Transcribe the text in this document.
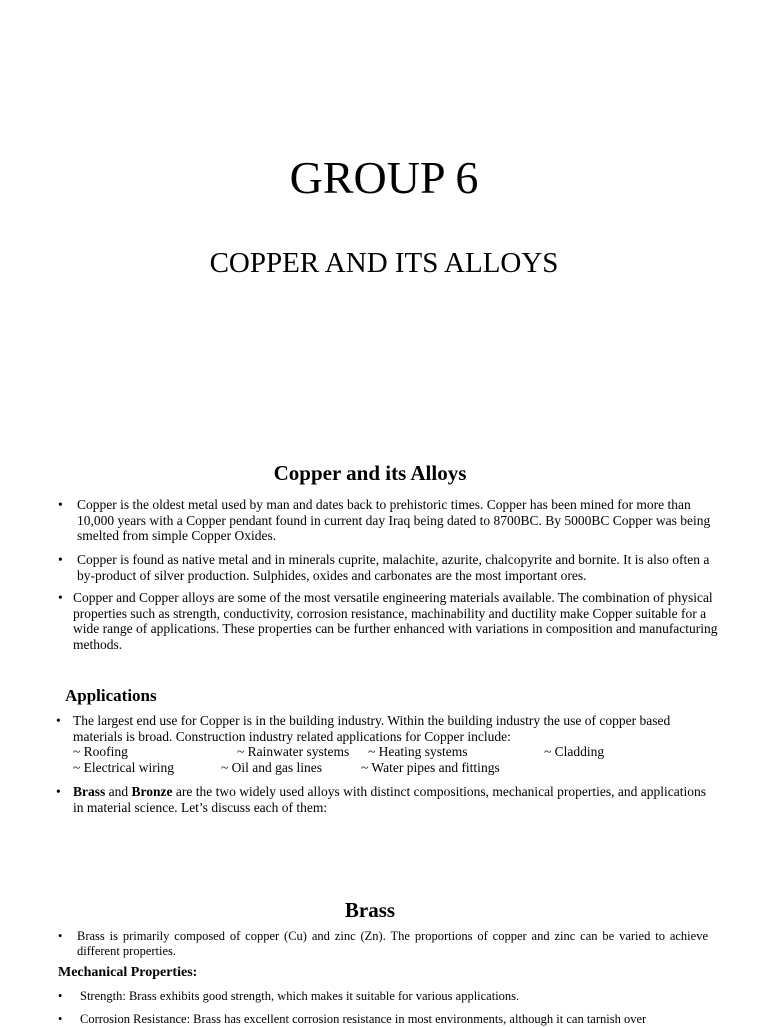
GROUP 6
COPPER AND ITS ALLOYS
Copper and its Alloys
• Copper is the oldest metal used by man and dates back to prehistoric times. Copper has been mined for more than 10,000 years with a Copper pendant found in current day Iraq being dated to 8700BC. By 5000BC Copper was being smelted from simple Copper Oxides.
• Copper is found as native metal and in minerals cuprite, malachite, azurite, chalcopyrite and bornite. It is also often a by-product of silver production. Sulphides, oxides and carbonates are the most important ores.
• Copper and Copper alloys are some of the most versatile engineering materials available. The combination of physical properties such as strength, conductivity, corrosion resistance, machinability and ductility make Copper suitable for a wide range of applications. These properties can be further enhanced with variations in composition and manufacturing methods.
Applications
• The largest end use for Copper is in the building industry. Within the building industry the use of copper based materials is broad. Construction industry related applications for Copper include:
~ Roofing	~ Rainwater systems ~ Heating systems	~ Cladding
~ Electrical wiring	~ Oil and gas lines	~ Water pipes and fittings
• Brass and Bronze are the two widely used alloys with distinct compositions, mechanical properties, and applications in material science. Let’s discuss each of them:
Brass
• Brass is primarily composed of copper (Cu) and zinc (Zn). The proportions of copper and zinc can be varied to achieve different properties.
Mechanical Properties:
• Strength: Brass exhibits good strength, which makes it suitable for various applications.
• Corrosion Resistance: Brass has excellent corrosion resistance in most environments, although it can tarnish over
